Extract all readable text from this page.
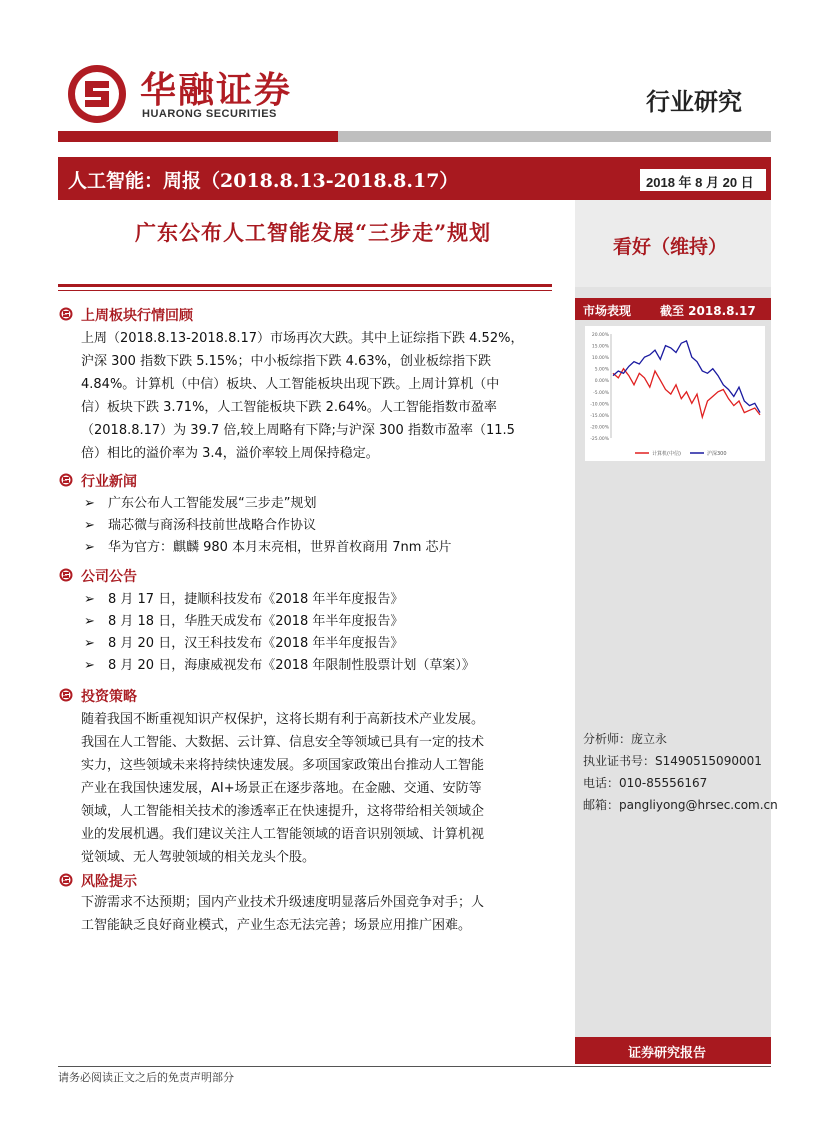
华融证券
HUARONG SECURITIES	行业研究
人工智能：周报（2018.8.13-2018.8.17）	2018 年 8 月 20 日
看好（维持）
广东公布人工智能发展“三步走”规划
市场表现 截至 2018.8.17
20.00%
15.00%
10.00%
5.00%
0.00%
-5.00%
-10.00%
-15.00%
-20.00%
-25.00%
计算机(中信)	沪深300
分析师：庞立永
执业证书号：S1490515090001
电话：010-85556167
邮箱：pangliyong@hrsec.com.cn
证券研究报告
请务必阅读正文之后的免责声明部分
上周板块行情回顾
上周（2018.8.13-2018.8.17）市场再次大跌。其中上证综指下跌 4.52%，
沪深 300 指数下跌 5.15%；中小板综指下跌 4.63%，创业板综指下跌
4.84%。计算机（中信）板块、人工智能板块出现下跌。上周计算机（中
信）板块下跌 3.71%，人工智能板块下跌 2.64%。人工智能指数市盈率
（2018.8.17）为 39.7 倍,较上周略有下降;与沪深 300 指数市盈率（11.5
倍）相比的溢价率为 3.4，溢价率较上周保持稳定。
行业新闻
➢ 广东公布人工智能发展“三步走”规划
➢ 瑞芯微与商汤科技前世战略合作协议
➢ 华为官方：麒麟 980 本月末亮相，世界首枚商用 7nm 芯片
公司公告
➢ 8 月 17 日，捷顺科技发布《2018 年半年度报告》
➢ 8 月 18 日，华胜天成发布《2018 年半年度报告》
➢ 8 月 20 日，汉王科技发布《2018 年半年度报告》
➢ 8 月 20 日，海康威视发布《2018 年限制性股票计划（草案）》
投资策略
随着我国不断重视知识产权保护，这将长期有利于高新技术产业发展。
我国在人工智能、大数据、云计算、信息安全等领域已具有一定的技术
实力，这些领域未来将持续快速发展。多项国家政策出台推动人工智能
产业在我国快速发展，AI+场景正在逐步落地。在金融、交通、安防等
领域，人工智能相关技术的渗透率正在快速提升，这将带给相关领域企
业的发展机遇。我们建议关注人工智能领域的语音识别领域、计算机视
觉领域、无人驾驶领域的相关龙头个股。
风险提示
下游需求不达预期；国内产业技术升级速度明显落后外国竞争对手；人
工智能缺乏良好商业模式，产业生态无法完善；场景应用推广困难。
